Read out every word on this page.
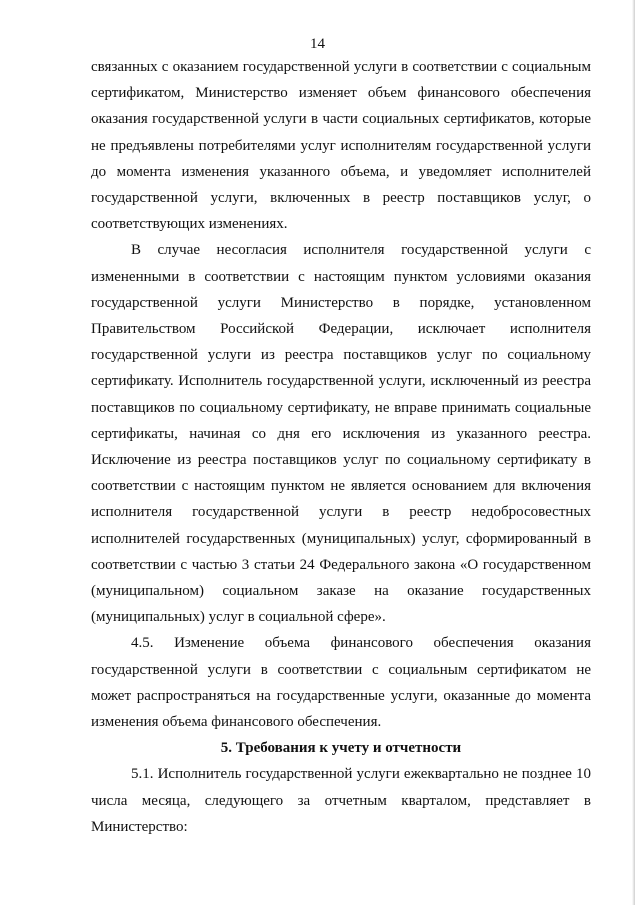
14

связанных с оказанием государственной услуги в соответствии с социальным сертификатом, Министерство изменяет объем финансового обеспечения оказания государственной услуги в части социальных сертификатов, которые не предъявлены потребителями услуг исполнителям государственной услуги до момента изменения указанного объема, и уведомляет исполнителей государственной услуги, включенных в реестр поставщиков услуг, о соответствующих изменениях.

В случае несогласия исполнителя государственной услуги с измененными в соответствии с настоящим пунктом условиями оказания государственной услуги Министерство в порядке, установленном Правительством Российской Федерации, исключает исполнителя государственной услуги из реестра поставщиков услуг по социальному сертификату. Исполнитель государственной услуги, исключенный из реестра поставщиков по социальному сертификату, не вправе принимать социальные сертификаты, начиная со дня его исключения из указанного реестра. Исключение из реестра поставщиков услуг по социальному сертификату в соответствии с настоящим пунктом не является основанием для включения исполнителя государственной услуги в реестр недобросовестных исполнителей государственных (муниципальных) услуг, сформированный в соответствии с частью 3 статьи 24 Федерального закона «О государственном (муниципальном) социальном заказе на оказание государственных (муниципальных) услуг в социальной сфере».

4.5. Изменение объема финансового обеспечения оказания государственной услуги в соответствии с социальным сертификатом не может распространяться на государственные услуги, оказанные до момента изменения объема финансового обеспечения.

5. Требования к учету и отчетности

5.1. Исполнитель государственной услуги ежеквартально не позднее 10 числа месяца, следующего за отчетным кварталом, представляет в Министерство:
